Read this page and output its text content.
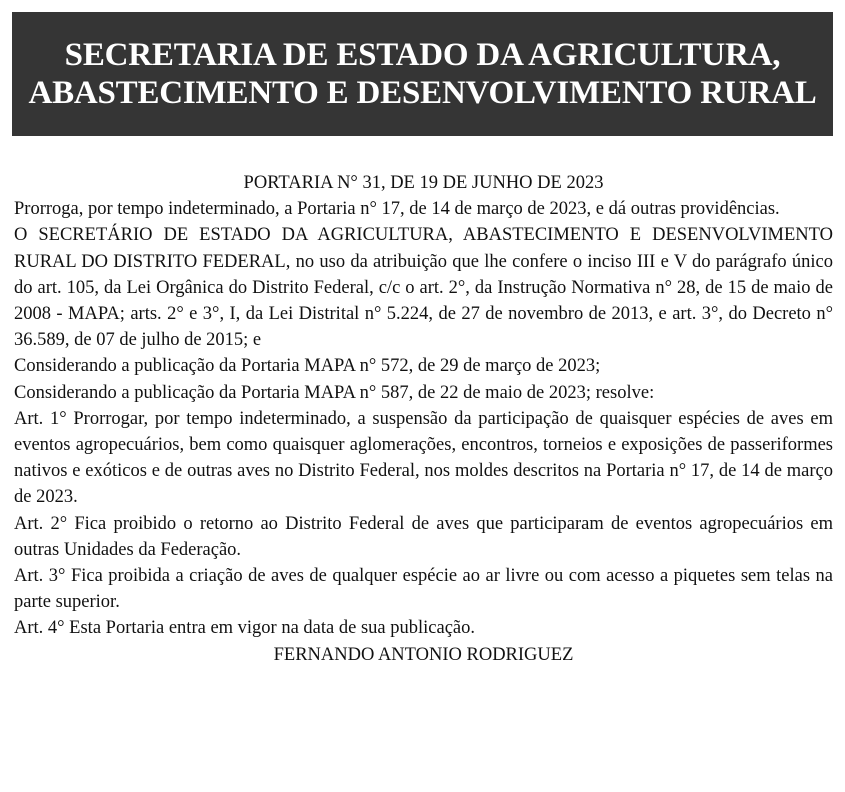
SECRETARIA DE ESTADO DA AGRICULTURA,
ABASTECIMENTO E DESENVOLVIMENTO RURAL

PORTARIA N° 31, DE 19 DE JUNHO DE 2023

Prorroga, por tempo indeterminado, a Portaria n° 17, de 14 de março de 2023, e dá outras providências.

O SECRETÁRIO DE ESTADO DA AGRICULTURA, ABASTECIMENTO E DESENVOLVIMENTO RURAL DO DISTRITO FEDERAL, no uso da atribuição que lhe confere o inciso III e V do parágrafo único do art. 105, da Lei Orgânica do Distrito Federal, c/c o art. 2°, da Instrução Normativa n° 28, de 15 de maio de 2008 - MAPA; arts. 2° e 3°, I, da Lei Distrital n° 5.224, de 27 de novembro de 2013, e art. 3°, do Decreto n° 36.589, de 07 de julho de 2015; e

Considerando a publicação da Portaria MAPA n° 572, de 29 de março de 2023;

Considerando a publicação da Portaria MAPA n° 587, de 22 de maio de 2023; resolve:

Art. 1° Prorrogar, por tempo indeterminado, a suspensão da participação de quaisquer espécies de aves em eventos agropecuários, bem como quaisquer aglomerações, encontros, torneios e exposições de passeriformes nativos e exóticos e de outras aves no Distrito Federal, nos moldes descritos na Portaria n° 17, de 14 de março de 2023.

Art. 2° Fica proibido o retorno ao Distrito Federal de aves que participaram de eventos agropecuários em outras Unidades da Federação.

Art. 3° Fica proibida a criação de aves de qualquer espécie ao ar livre ou com acesso a piquetes sem telas na parte superior.

Art. 4° Esta Portaria entra em vigor na data de sua publicação.

FERNANDO ANTONIO RODRIGUEZ
